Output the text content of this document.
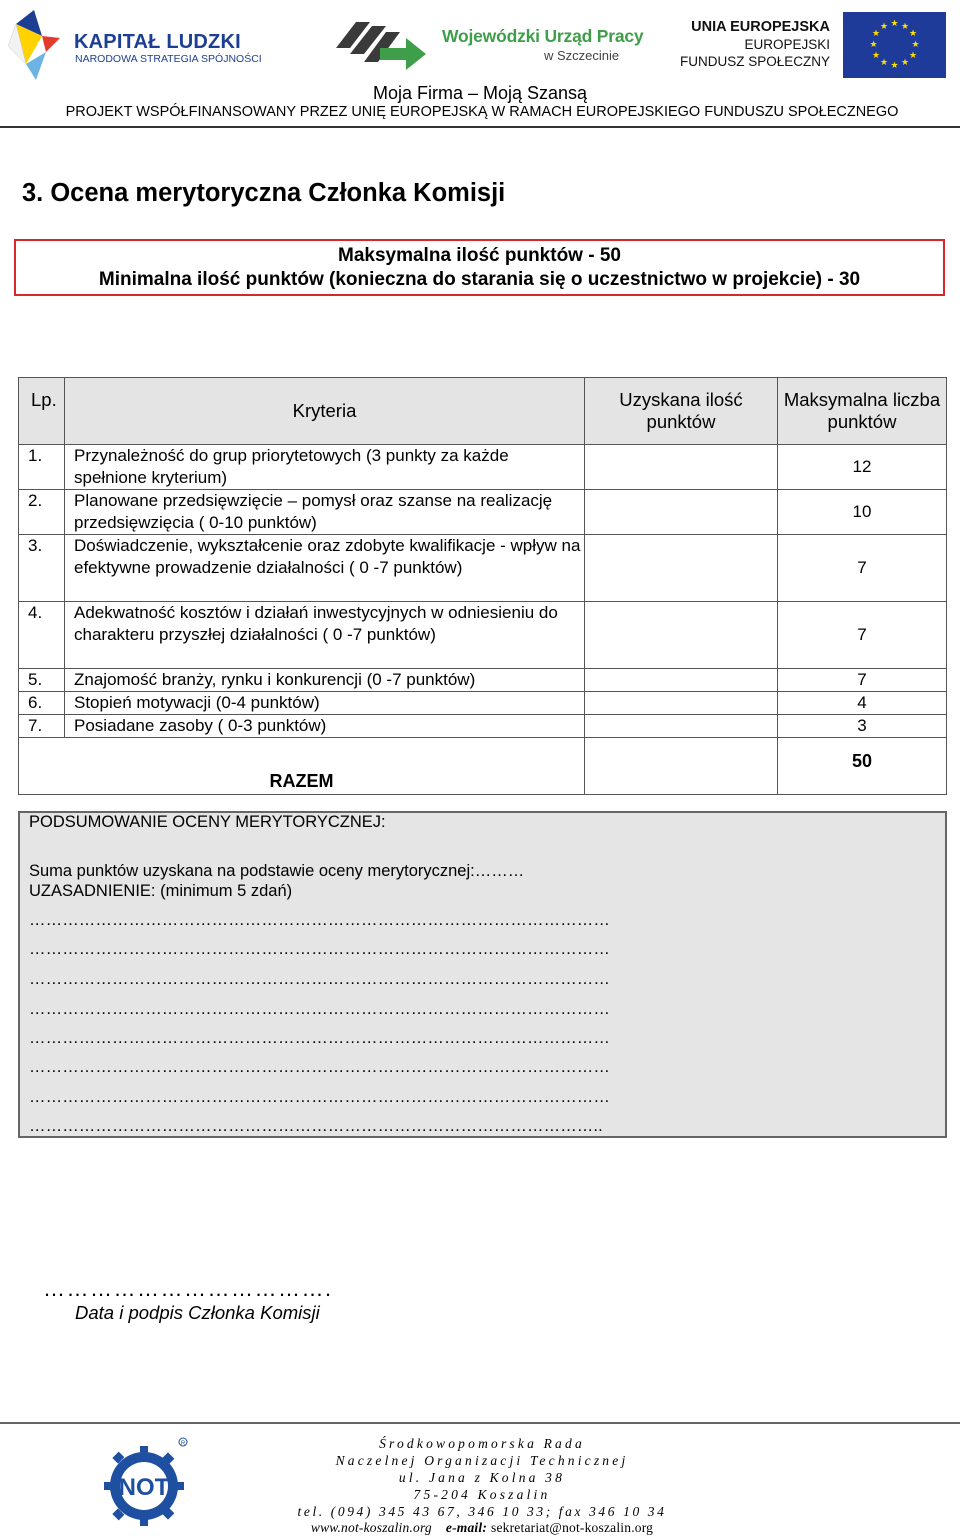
KAPITAŁ LUDZKI
NARODOWA STRATEGIA SPÓJNOŚCI
Wojewódzki Urząd Pracy
w Szczecinie
UNIA EUROPEJSKA
EUROPEJSKI
FUNDUSZ SPOŁECZNY
★ ★
★
★
★
★
★
★
★
★
★
★
Moja Firma – Moją Szansą
PROJEKT WSPÓŁFINANSOWANY PRZEZ UNIĘ EUROPEJSKĄ W RAMACH EUROPEJSKIEGO FUNDUSZU SPOŁECZNEGO
3. Ocena merytoryczna Członka Komisji
Maksymalna ilość punktów - 50
Minimalna ilość punktów (konieczna do starania się o uczestnictwo w projekcie) - 30
Lp.	Kryteria	Uzyskana ilość punktów	Maksymalna liczba punktów
1.	Przynależność do grup priorytetowych (3 punkty za każde spełnione kryterium)		12
2.	Planowane przedsięwzięcie – pomysł oraz szanse na realizację przedsięwzięcia ( 0-10 punktów)		10
3.	Doświadczenie, wykształcenie oraz zdobyte kwalifikacje - wpływ na efektywne prowadzenie działalności ( 0 -7 punktów)		7
4.	Adekwatność kosztów i działań inwestycyjnych w odniesieniu do charakteru przyszłej działalności ( 0 -7 punktów)		7
5.	Znajomość branży, rynku i konkurencji (0 -7 punktów)		7
6.	Stopień motywacji (0-4 punktów)		4
7.	Posiadane zasoby ( 0-3 punktów)		3
RAZEM			50
PODSUMOWANIE OCENY MERYTORYCZNEJ:
Suma punktów uzyskana na podstawie oceny merytorycznej:………
UZASADNIENIE: (minimum 5 zdań)
……………………………………………………………………………………………
……………………………………………………………………………………………
……………………………………………………………………………………………
……………………………………………………………………………………………
……………………………………………………………………………………………
……………………………………………………………………………………………
……………………………………………………………………………………………
…………………………………………………………………………………………..
……………………………….
Data i podpis Członka Komisji
NOT
R	Środkowopomorska Rada
Naczelnej Organizacji Technicznej
ul. Jana z Kolna 38
75-204 Koszalin
tel. (094) 345 43 67, 346 10 33; fax 346 10 34
www.not-koszalin.org e-mail: sekretariat@not-koszalin.org
